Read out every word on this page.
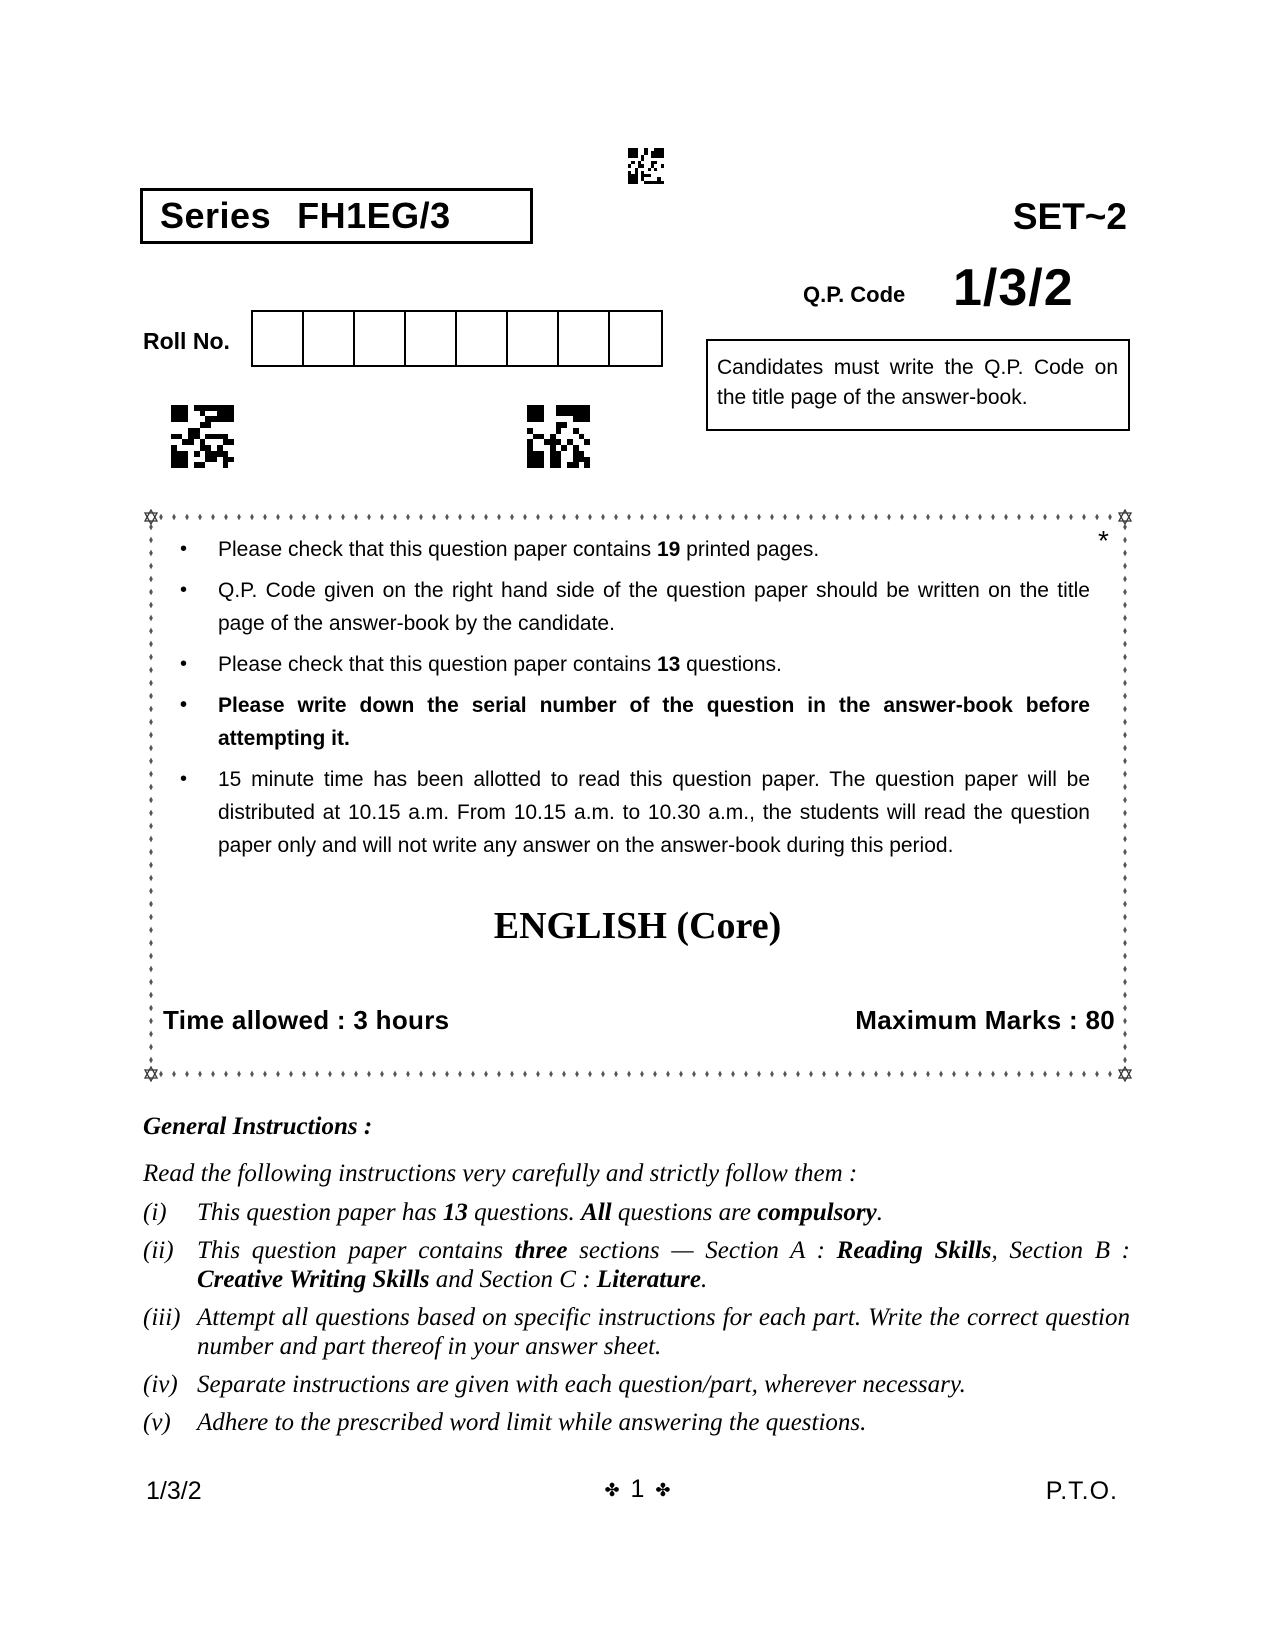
Series FH1EG/3	SET~2
Q.P. Code 1/3/2
Roll No.
Candidates must write the Q.P. Code on the title page of the answer-book.
*
• Please check that this question paper contains 19 printed pages.
• Q.P. Code given on the right hand side of the question paper should be written on the title page of the answer-book by the candidate.
• Please check that this question paper contains 13 questions.
• Please write down the serial number of the question in the answer-book before attempting it.
• 15 minute time has been allotted to read this question paper. The question paper will be distributed at 10.15 a.m. From 10.15 a.m. to 10.30 a.m., the students will read the question paper only and will not write any answer on the answer-book during this period.
ENGLISH (Core)
Time allowed : 3 hours	Maximum Marks : 80
General Instructions :
Read the following instructions very carefully and strictly follow them :
(i)	This question paper has 13 questions. All questions are compulsory.
(ii) This question paper contains three sections — Section A : Reading Skills, Section B : Creative Writing Skills and Section C : Literature.
(iii) Attempt all questions based on specific instructions for each part. Write the correct question number and part thereof in your answer sheet.
(iv) Separate instructions are given with each question/part, wherever necessary.
(v)	Adhere to the prescribed word limit while answering the questions.
1/3/2	✤ 1 ✤	P.T.O.
